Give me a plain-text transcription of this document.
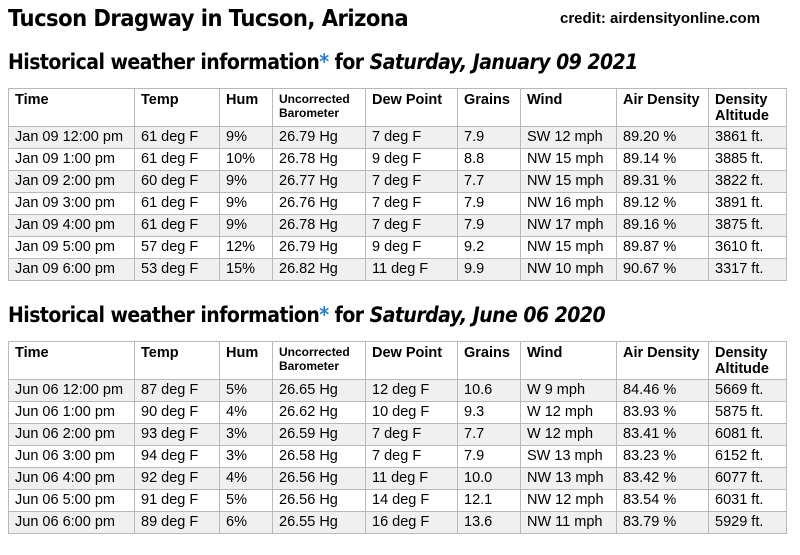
Tucson Dragway in Tucson, Arizona	credit: airdensityonline.com
Historical weather information* for Saturday, January 09 2021
Time	Temp	Hum	Uncorrected
Barometer	Dew Point	Grains	Wind	Air Density	Density
Altitude
Jan 09 12:00 pm	61 deg F	9%	26.79 Hg	7 deg F	7.9	SW 12 mph	89.20 %	3861 ft.
Jan 09 1:00 pm	61 deg F	10%	26.78 Hg	9 deg F	8.8	NW 15 mph	89.14 %	3885 ft.
Jan 09 2:00 pm	60 deg F	9%	26.77 Hg	7 deg F	7.7	NW 15 mph	89.31 %	3822 ft.
Jan 09 3:00 pm	61 deg F	9%	26.76 Hg	7 deg F	7.9	NW 16 mph	89.12 %	3891 ft.
Jan 09 4:00 pm	61 deg F	9%	26.78 Hg	7 deg F	7.9	NW 17 mph	89.16 %	3875 ft.
Jan 09 5:00 pm	57 deg F	12%	26.79 Hg	9 deg F	9.2	NW 15 mph	89.87 %	3610 ft.
Jan 09 6:00 pm	53 deg F	15%	26.82 Hg	11 deg F	9.9	NW 10 mph	90.67 %	3317 ft.
Historical weather information* for Saturday, June 06 2020
Time	Temp	Hum	Uncorrected
Barometer	Dew Point	Grains	Wind	Air Density	Density
Altitude
Jun 06 12:00 pm	87 deg F	5%	26.65 Hg	12 deg F	10.6	W 9 mph	84.46 %	5669 ft.
Jun 06 1:00 pm	90 deg F	4%	26.62 Hg	10 deg F	9.3	W 12 mph	83.93 %	5875 ft.
Jun 06 2:00 pm	93 deg F	3%	26.59 Hg	7 deg F	7.7	W 12 mph	83.41 %	6081 ft.
Jun 06 3:00 pm	94 deg F	3%	26.58 Hg	7 deg F	7.9	SW 13 mph	83.23 %	6152 ft.
Jun 06 4:00 pm	92 deg F	4%	26.56 Hg	11 deg F	10.0	NW 13 mph	83.42 %	6077 ft.
Jun 06 5:00 pm	91 deg F	5%	26.56 Hg	14 deg F	12.1	NW 12 mph	83.54 %	6031 ft.
Jun 06 6:00 pm	89 deg F	6%	26.55 Hg	16 deg F	13.6	NW 11 mph	83.79 %	5929 ft.
